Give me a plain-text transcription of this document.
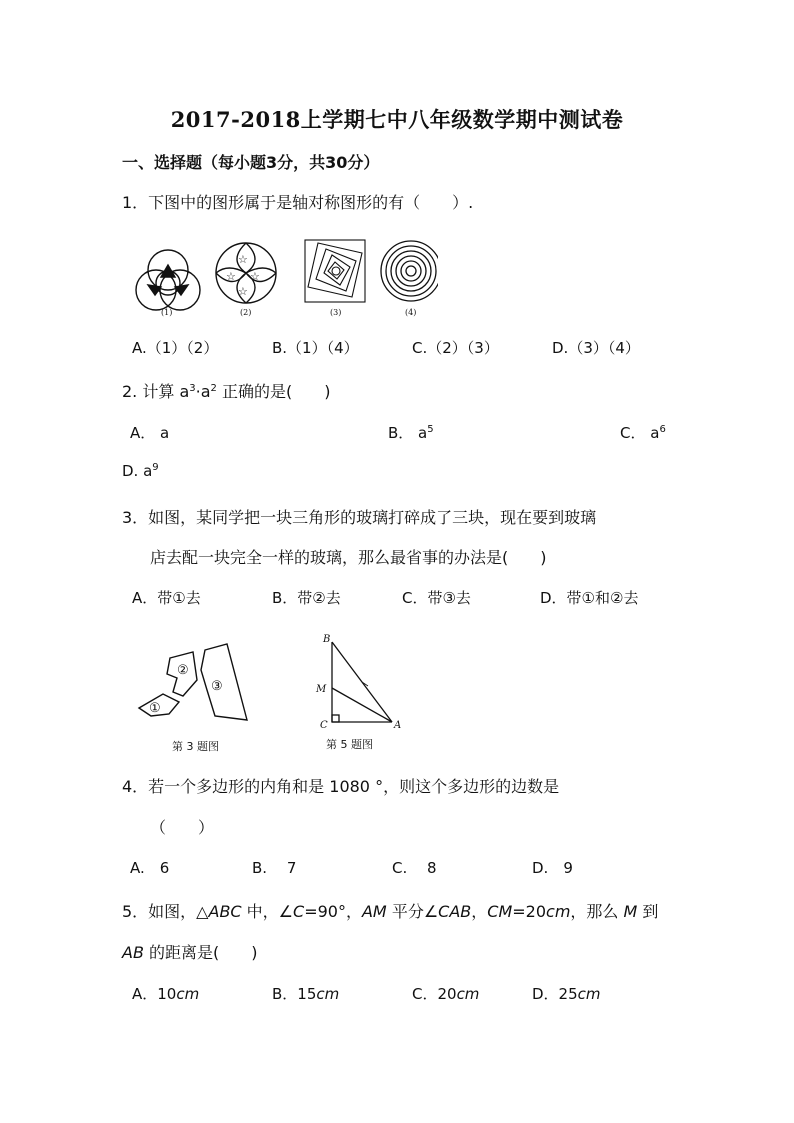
2017-2018上学期七中八年级数学期中测试卷
一、选择题（每小题3分，共30分）
1．下图中的图形属于是轴对称图形的有（　　）.
☆
☆ ☆
☆
(1)	(2)	(3)	(4)
A.（1）（2）	B.（1）（4）	C.（2）（3）	D.（3）（4）
2. 计算 $a^3\cdot a^2$ 正确的是(　　)
A． a	B． $a^5$	C． $a^6$
D. $a^9$
3．如图，某同学把一块三角形的玻璃打碎成了三块，现在要到玻璃
店去配一块完全一样的玻璃，那么最省事的办法是(　　)
A．带①去	B．带②去	C．带③去	D．带①和②去
②
③
①
第 3 题图
B
M
C	A
第 5 题图
4．若一个多边形的内角和是 1080 °，则这个多边形的边数是
（　　）
A.　6	B.　 7	C.　 8	D.　9
5．如图，△ABC 中，∠C=90°，AM 平分∠CAB，CM=20cm，那么 M 到
AB 的距离是(　　)
A．10cm	B．15cm	C．20cm	D．25cm
